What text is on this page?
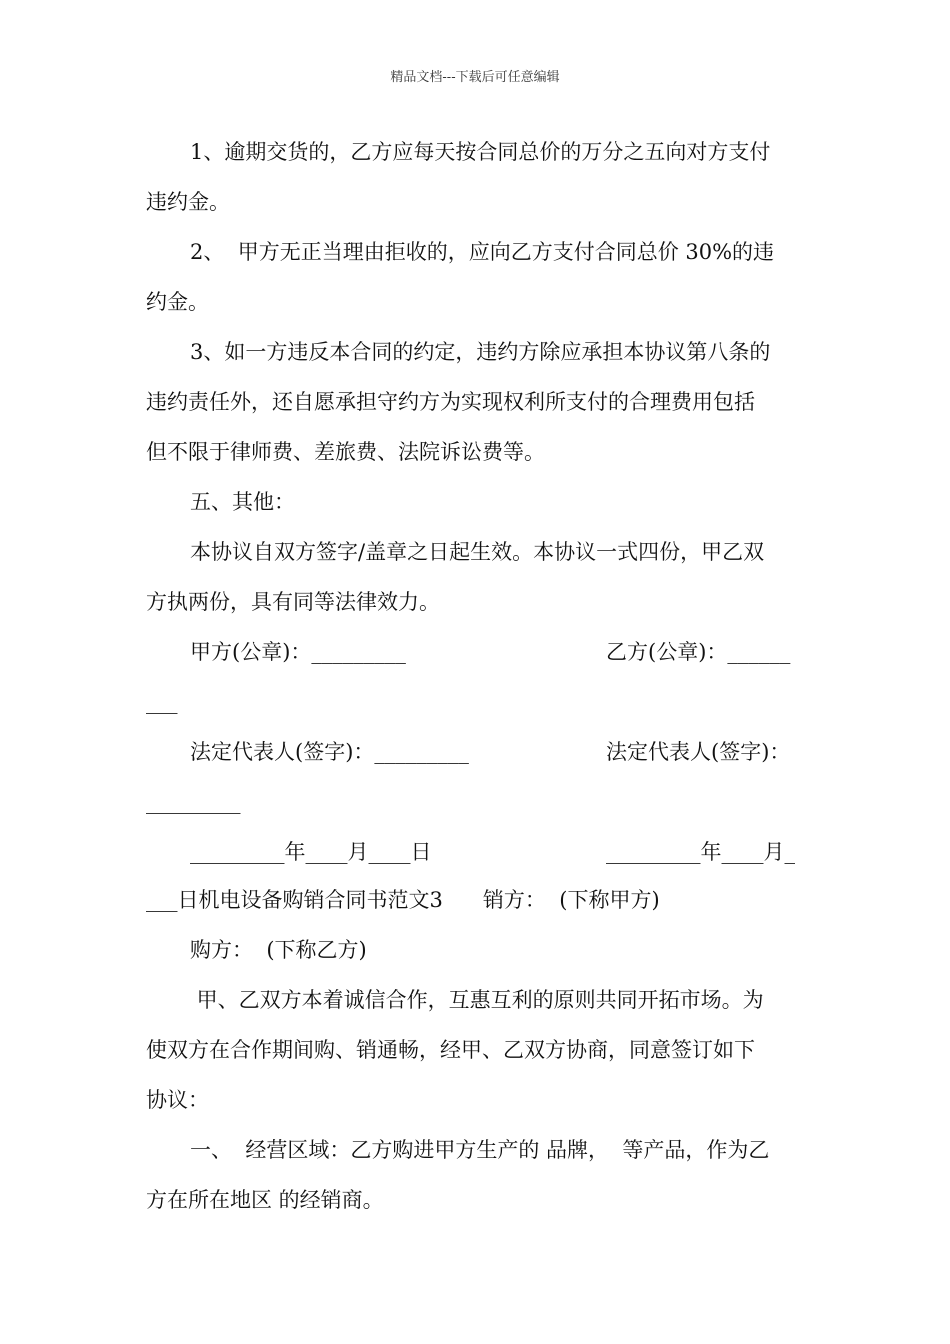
精品文档---下载后可任意编辑
1、逾期交货的，乙方应每天按合同总价的万分之五向对方支付
违约金。
2、  甲方无正当理由拒收的，应向乙方支付合同总价 30%的违
约金。
3、如一方违反本合同的约定，违约方除应承担本协议第八条的
违约责任外，还自愿承担守约方为实现权利所支付的合理费用包括
但不限于律师费、差旅费、法院诉讼费等。
五、其他：
本协议自双方签字/盖章之日起生效。本协议一式四份，甲乙双
方执两份，具有同等法律效力。
甲方(公章)：_________	乙方(公章)：______
___
法定代表人(签字)：_________	法定代表人(签字)：
_________
_________年____月____日	_________年____月_
___日机电设备购销合同书范文3      销方：  (下称甲方)
购方：  (下称乙方)
甲、乙双方本着诚信合作，互惠互利的原则共同开拓市场。为
使双方在合作期间购、销通畅，经甲、乙双方协商，同意签订如下
协议：
一、  经营区域：乙方购进甲方生产的 品牌，  等产品，作为乙
方在所在地区 的经销商。
